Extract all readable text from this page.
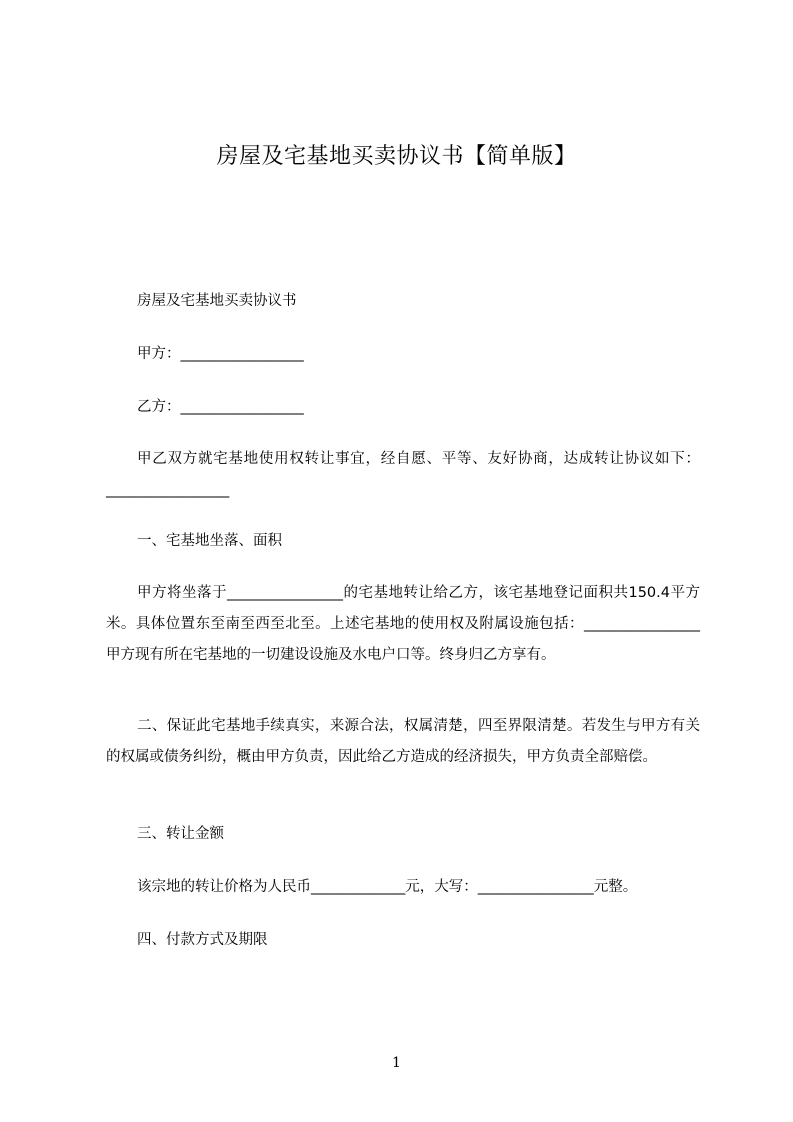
房屋及宅基地买卖协议书【简单版】

房屋及宅基地买卖协议书

甲方：_________________

乙方：_________________

甲乙双方就宅基地使用权转让事宜，经自愿、平等、友好协商，达成转让协议如下：_________________

一、宅基地坐落、面积

甲方将坐落于________________的宅基地转让给乙方，该宅基地登记面积共150.4平方米。具体位置东至南至西至北至。上述宅基地的使用权及附属设施包括：________________甲方现有所在宅基地的一切建设设施及水电户口等。终身归乙方享有。

二、保证此宅基地手续真实，来源合法，权属清楚，四至界限清楚。若发生与甲方有关的权属或债务纠纷，概由甲方负责，因此给乙方造成的经济损失，甲方负责全部赔偿。

三、转让金额

该宗地的转让价格为人民币_____________元，大写：________________元整。

四、付款方式及期限

1
